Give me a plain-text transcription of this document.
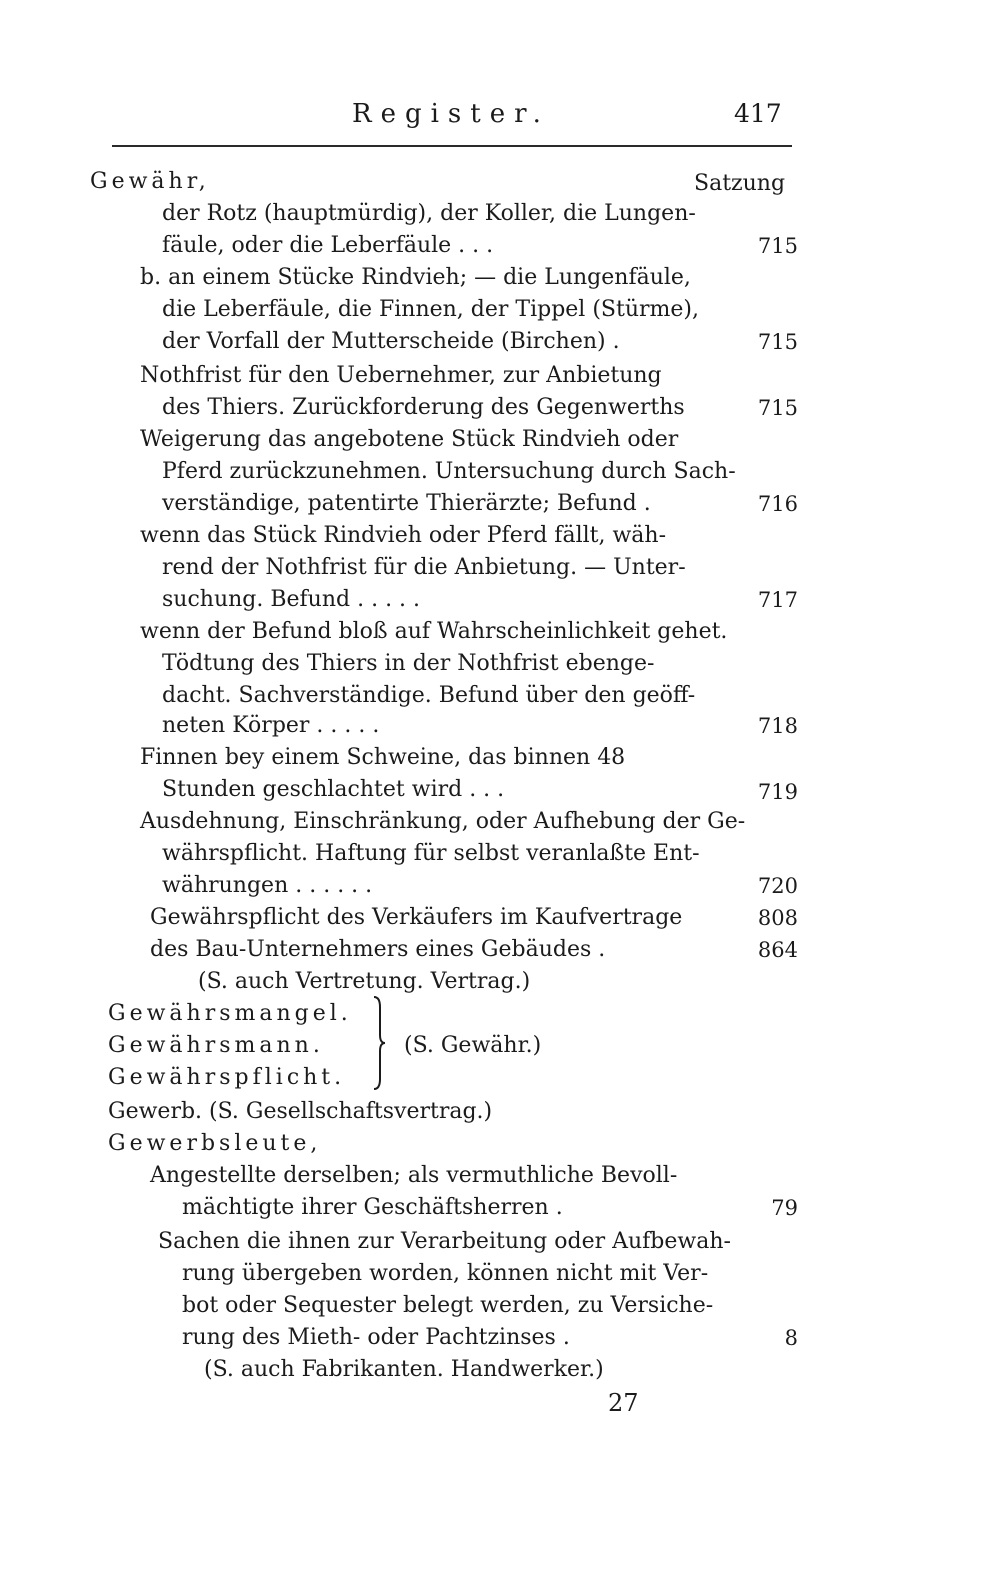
Register.	417
Gewähr,	Satzung
der Rotz (hauptmürdig), der Koller, die Lungen-
fäule, oder die Leberfäule . . .	715
b. an einem Stücke Rindvieh; — die Lungenfäule,
die Leberfäule, die Finnen, der Tippel (Stürme),
der Vorfall der Mutterscheide (Birchen) .	715
Nothfrist für den Uebernehmer, zur Anbietung
des Thiers. Zurückforderung des Gegenwerths	715
Weigerung das angebotene Stück Rindvieh oder
Pferd zurückzunehmen. Untersuchung durch Sach-
verständige, patentirte Thierärzte; Befund .	716
wenn das Stück Rindvieh oder Pferd fällt, wäh-
rend der Nothfrist für die Anbietung. — Unter-
suchung. Befund . . . . .	717
wenn der Befund bloß auf Wahrscheinlichkeit gehet.
Tödtung des Thiers in der Nothfrist ebenge-
dacht. Sachverständige. Befund über den geöff-
neten Körper . . . . .	718
Finnen bey einem Schweine, das binnen 48
Stunden geschlachtet wird . . .	719
Ausdehnung, Einschränkung, oder Aufhebung der Ge-
währspflicht. Haftung für selbst veranlaßte Ent-
währungen . . . . . .	720
Gewährspflicht des Verkäufers im Kaufvertrage	808
des Bau-Unternehmers eines Gebäudes .	864
(S. auch Vertretung. Vertrag.)
Gewährsmangel.
Gewährsmann.
Gewährspflicht.
(S. Gewähr.)
Gewerb. (S. Gesellschaftsvertrag.)
Gewerbsleute,
Angestellte derselben; als vermuthliche Bevoll-
mächtigte ihrer Geschäftsherren .	79
Sachen die ihnen zur Verarbeitung oder Aufbewah-
rung übergeben worden, können nicht mit Ver-
bot oder Sequester belegt werden, zu Versiche-
rung des Mieth- oder Pachtzinses .	8
(S. auch Fabrikanten. Handwerker.)
27
